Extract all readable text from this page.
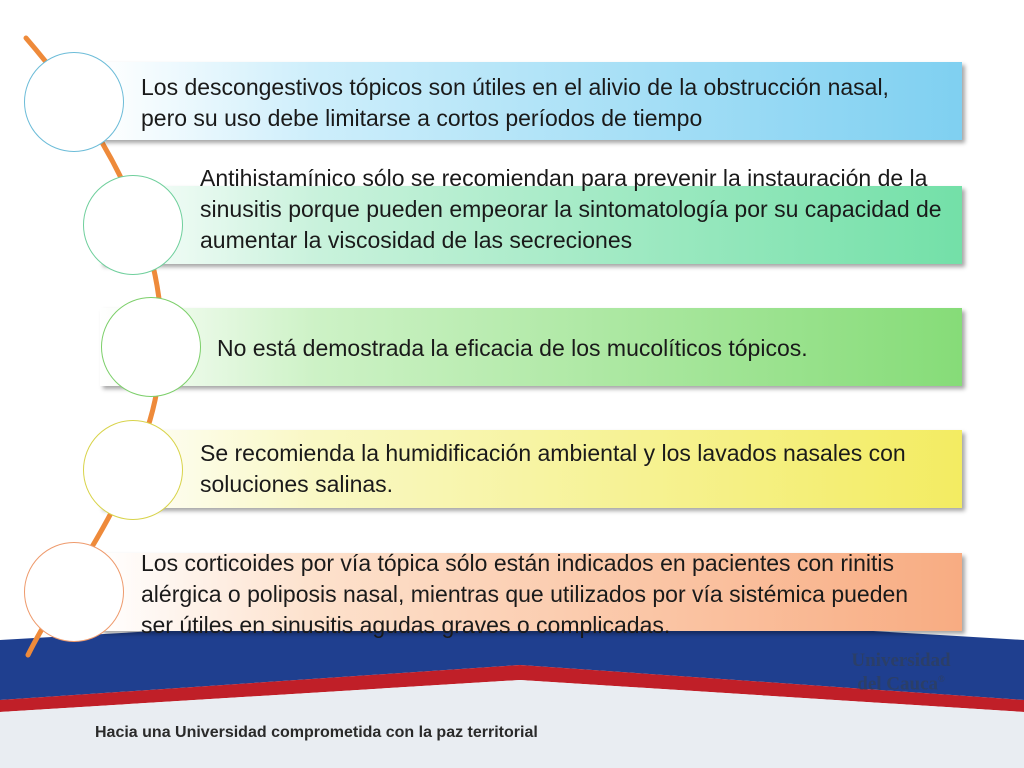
Los descongestivos tópicos son útiles en el alivio de la obstrucción nasal, pero su uso debe limitarse a cortos períodos de tiempo

Antihistamínico sólo se recomiendan para prevenir la instauración de la sinusitis porque pueden empeorar la sintomatología por su capacidad de aumentar la viscosidad de las secreciones

No está demostrada la eficacia de los mucolíticos tópicos.

Se recomienda la humidificación ambiental y los lavados nasales con soluciones salinas.

Los corticoides por vía tópica sólo están indicados en pacientes con rinitis alérgica o poliposis nasal, mientras que utilizados por vía sistémica pueden ser útiles en sinusitis agudas graves o complicadas.

Universidad
del Cauca®
Hacia una Universidad comprometida con la paz territorial
